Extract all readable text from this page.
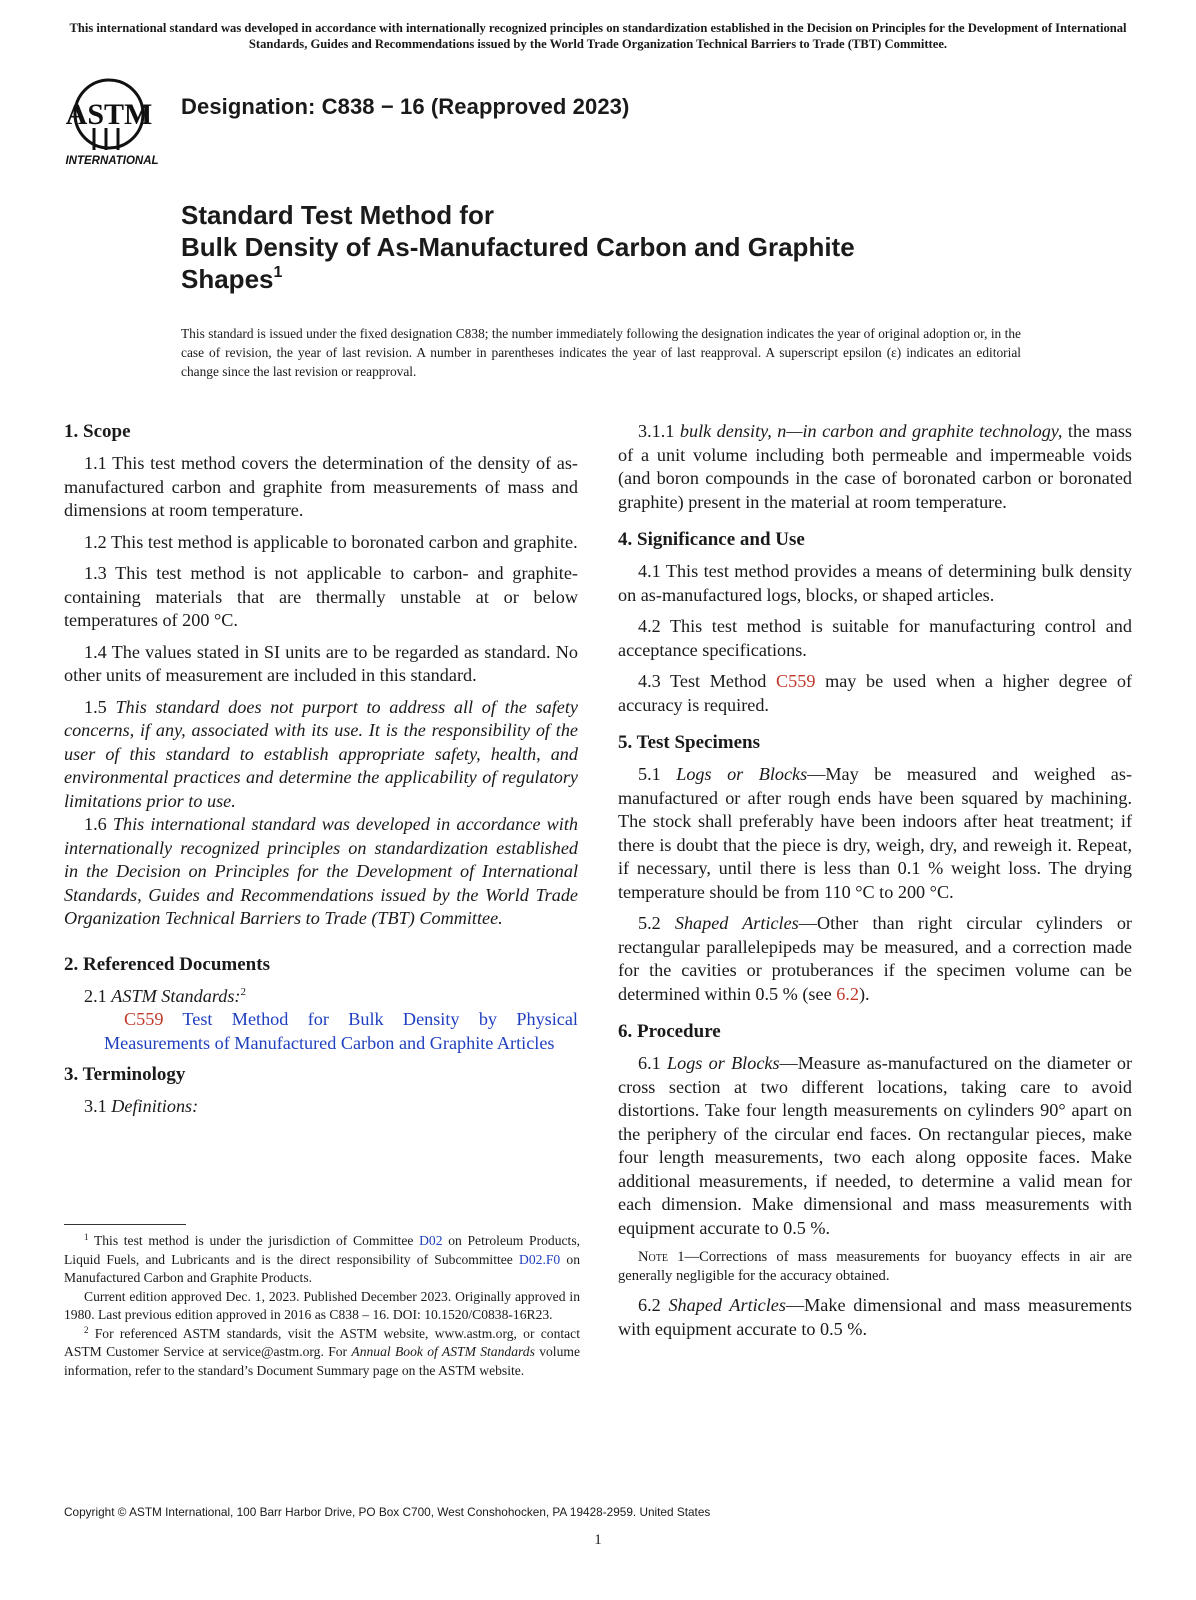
This international standard was developed in accordance with internationally recognized principles on standardization established in the Decision on Principles for the Development of International Standards, Guides and Recommendations issued by the World Trade Organization Technical Barriers to Trade (TBT) Committee.
ASTM
INTERNATIONAL
Designation: C838 − 16 (Reapproved 2023)
Standard Test Method for
Bulk Density of As-Manufactured Carbon and Graphite
Shapes$^1$
This standard is issued under the fixed designation C838; the number immediately following the designation indicates the year of original adoption or, in the case of revision, the year of last revision. A number in parentheses indicates the year of last reapproval. A superscript epsilon (ε) indicates an editorial change since the last revision or reapproval.
1. Scope

1.1 This test method covers the determination of the density of as-manufactured carbon and graphite from measurements of mass and dimensions at room temperature.

1.2 This test method is applicable to boronated carbon and graphite.

1.3 This test method is not applicable to carbon- and graphite-containing materials that are thermally unstable at or below temperatures of 200 °C.

1.4 The values stated in SI units are to be regarded as standard. No other units of measurement are included in this standard.

1.5 This standard does not purport to address all of the safety concerns, if any, associated with its use. It is the responsibility of the user of this standard to establish appropriate safety, health, and environmental practices and determine the applicability of regulatory limitations prior to use.

1.6 This international standard was developed in accordance with internationally recognized principles on standardization established in the Decision on Principles for the Development of International Standards, Guides and Recommendations issued by the World Trade Organization Technical Barriers to Trade (TBT) Committee.

2. Referenced Documents

2.1 ASTM Standards:$^2$

C559 Test Method for Bulk Density by Physical Measurements of Manufactured Carbon and Graphite Articles

3. Terminology

3.1 Definitions:

$^1$ This test method is under the jurisdiction of Committee D02 on Petroleum Products, Liquid Fuels, and Lubricants and is the direct responsibility of Subcommittee D02.F0 on Manufactured Carbon and Graphite Products.

Current edition approved Dec. 1, 2023. Published December 2023. Originally approved in 1980. Last previous edition approved in 2016 as C838 – 16. DOI: 10.1520/C0838-16R23.

$^2$ For referenced ASTM standards, visit the ASTM website, www.astm.org, or contact ASTM Customer Service at service@astm.org. For Annual Book of ASTM Standards volume information, refer to the standard’s Document Summary page on the ASTM website.

3.1.1 bulk density, n—in carbon and graphite technology, the mass of a unit volume including both permeable and impermeable voids (and boron compounds in the case of boronated carbon or boronated graphite) present in the material at room temperature.

4. Significance and Use

4.1 This test method provides a means of determining bulk density on as-manufactured logs, blocks, or shaped articles.

4.2 This test method is suitable for manufacturing control and acceptance specifications.

4.3 Test Method C559 may be used when a higher degree of accuracy is required.

5. Test Specimens

5.1 Logs or Blocks—May be measured and weighed as-manufactured or after rough ends have been squared by machining. The stock shall preferably have been indoors after heat treatment; if there is doubt that the piece is dry, weigh, dry, and reweigh it. Repeat, if necessary, until there is less than 0.1 % weight loss. The drying temperature should be from 110 °C to 200 °C.

5.2 Shaped Articles—Other than right circular cylinders or rectangular parallelepipeds may be measured, and a correction made for the cavities or protuberances if the specimen volume can be determined within 0.5 % (see 6.2).

6. Procedure

6.1 Logs or Blocks—Measure as-manufactured on the diameter or cross section at two different locations, taking care to avoid distortions. Take four length measurements on cylinders 90° apart on the periphery of the circular end faces. On rectangular pieces, make four length measurements, two each along opposite faces. Make additional measurements, if needed, to determine a valid mean for each dimension. Make dimensional and mass measurements with equipment accurate to 0.5 %.

Note 1—Corrections of mass measurements for buoyancy effects in air are generally negligible for the accuracy obtained.

6.2 Shaped Articles—Make dimensional and mass measurements with equipment accurate to 0.5 %.

Copyright © ASTM International, 100 Barr Harbor Drive, PO Box C700, West Conshohocken, PA 19428-2959. United States
1
